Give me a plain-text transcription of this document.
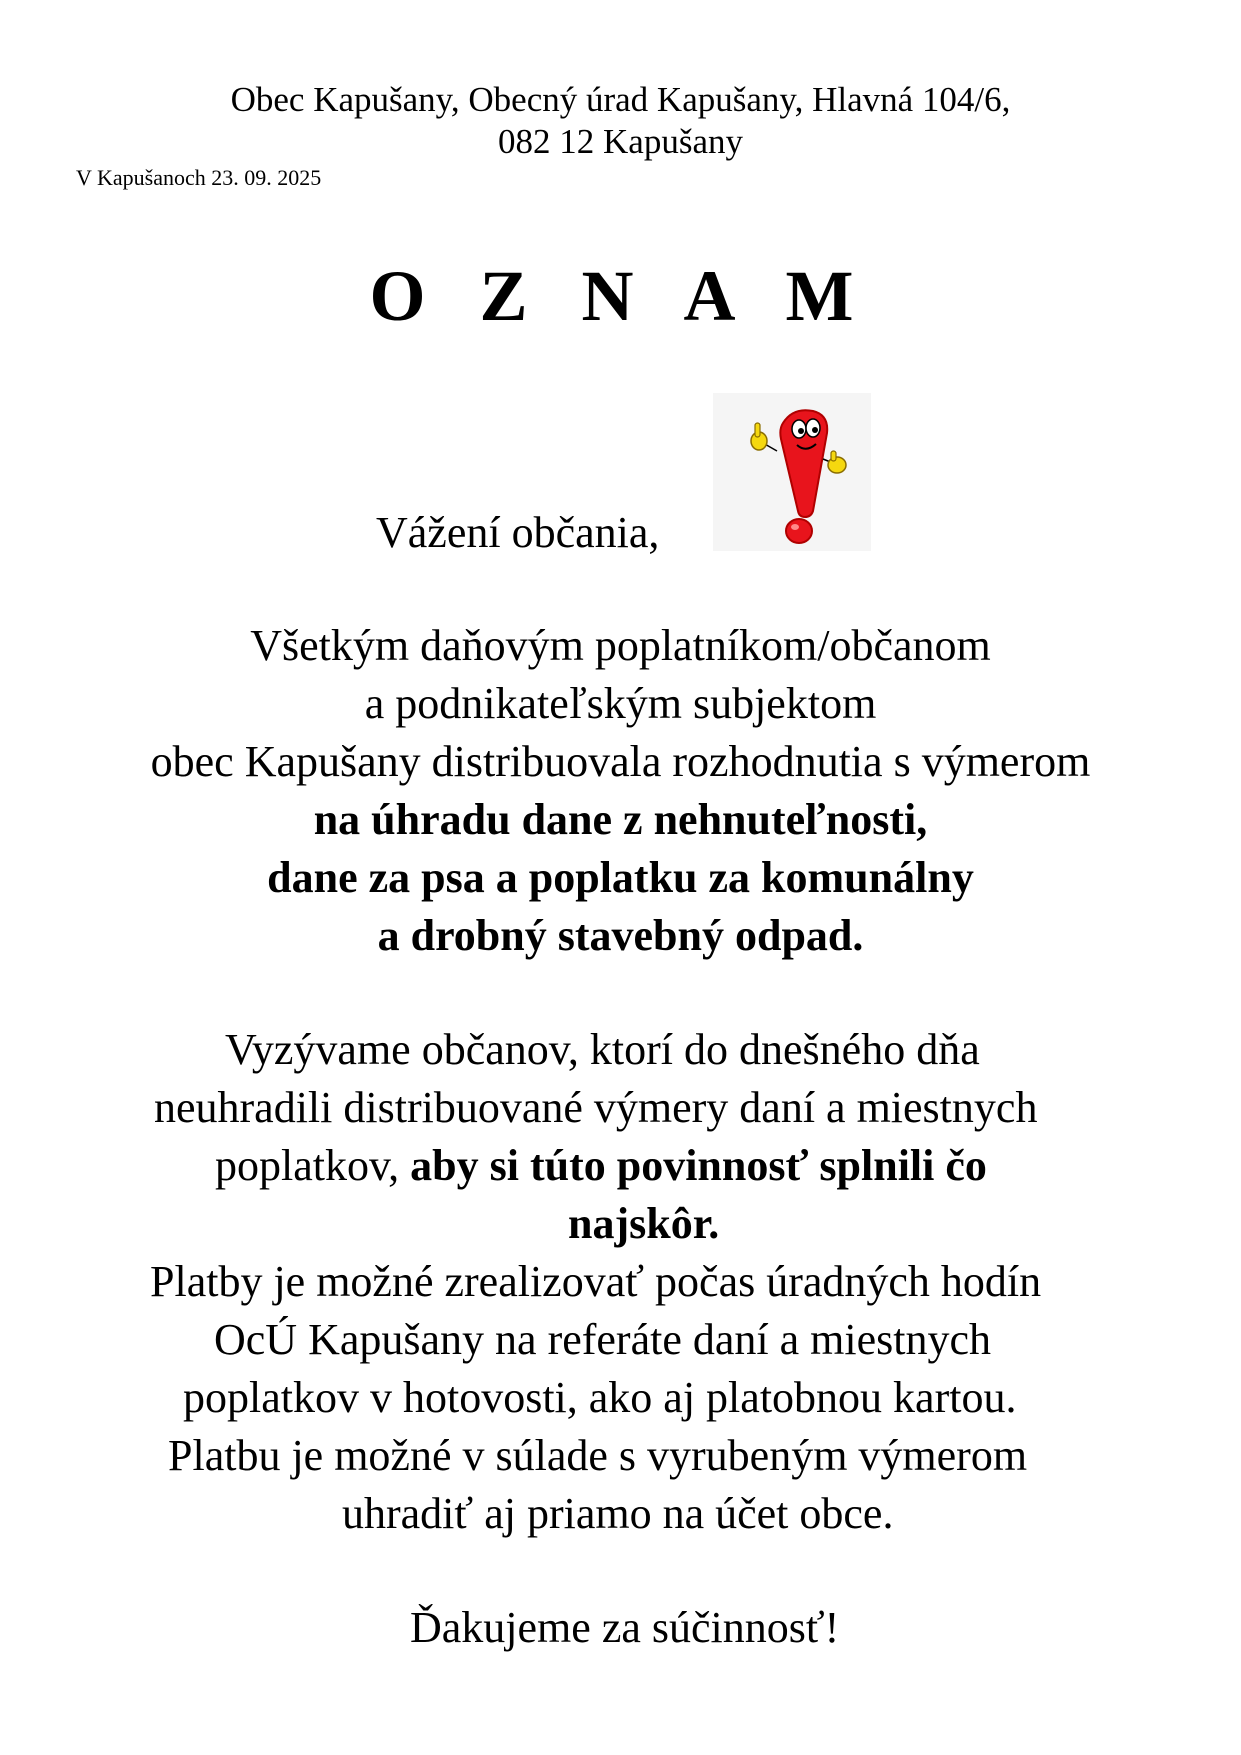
Obec Kapušany, Obecný úrad Kapušany, Hlavná 104/6,
082 12 Kapušany
V Kapušanoch 23. 09. 2025
O Z N A M
Vážení občania,
Všetkým daňovým poplatníkom/občanom
a podnikateľským subjektom
obec Kapušany distribuovala rozhodnutia s výmerom
na úhradu dane z nehnuteľnosti,
dane za psa a poplatku za komunálny
a drobný stavebný odpad.
Vyzývame občanov, ktorí do dnešného dňa
neuhradili distribuované výmery daní a miestnych
poplatkov, aby si túto povinnosť splnili čo
najskôr.
Platby je možné zrealizovať počas úradných hodín
OcÚ Kapušany na referáte daní a miestnych
poplatkov v hotovosti, ako aj platobnou kartou.
Platbu je možné v súlade s vyrubeným výmerom
uhradiť aj priamo na účet obce.
Ďakujeme za súčinnosť!
